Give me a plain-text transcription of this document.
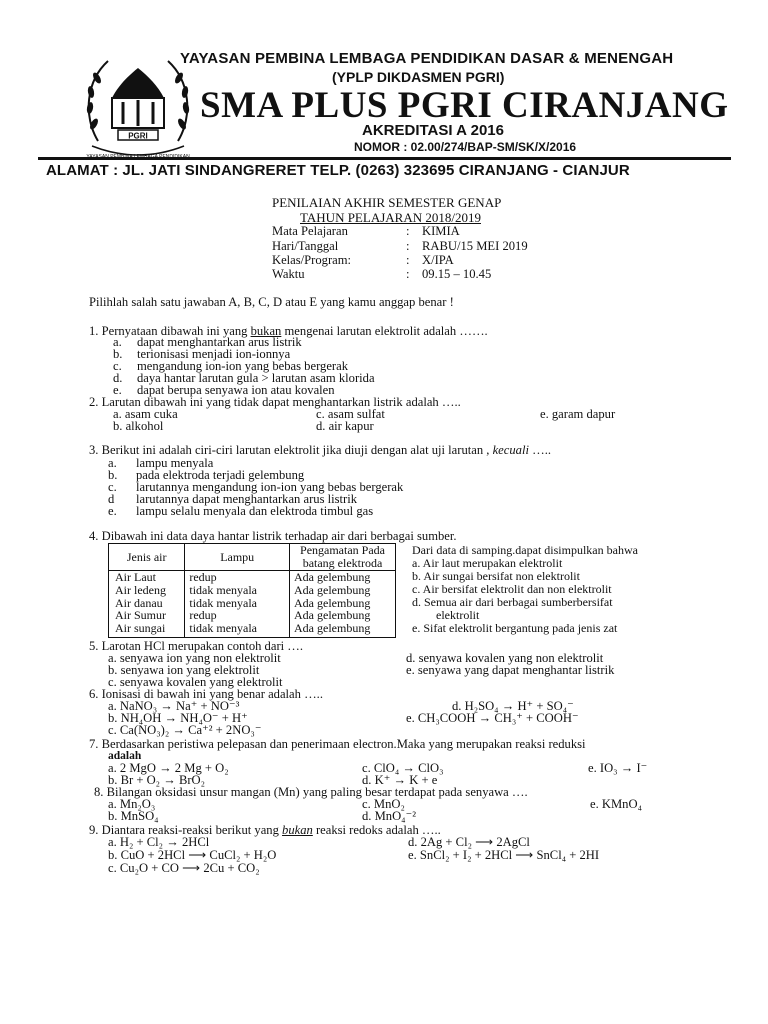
PGRI
YAYASAN PEMBINA LEMBAGA PENDIDIKAN
YAYASAN PEMBINA LEMBAGA PENDIDIKAN DASAR & MENENGAH
(YPLP DIKDASMEN PGRI)
SMA PLUS PGRI CIRANJANG
AKREDITASI A 2016
NOMOR : 02.00/274/BAP-SM/SK/X/2016
ALAMAT : JL. JATI SINDANGRERET TELP. (0263) 323695 CIRANJANG - CIANJUR
PENILAIAN AKHIR SEMESTER GENAP
TAHUN PELAJARAN 2018/2019
Mata Pelajaran	: KIMIA
Hari/Tanggal	: RABU/15 MEI 2019
Kelas/Program:	: X/IPA
Waktu	: 09.15 – 10.45
Pilihlah salah satu jawaban A, B, C, D atau E yang kamu anggap benar !
1. Pernyataan dibawah ini yang bukan mengenai larutan elektrolit adalah …….
a. dapat menghantarkan arus listrik
b. terionisasi menjadi ion-ionnya
c. mengandung ion-ion yang bebas bergerak
d. daya hantar larutan gula > larutan asam klorida
e. dapat berupa senyawa ion atau kovalen
2. Larutan dibawah ini yang tidak dapat menghantarkan listrik adalah …..
a. asam cuka	c. asam sulfat	e. garam dapur
b. alkohol	d. air kapur
3. Berikut ini adalah ciri-ciri larutan elektrolit jika diuji dengan alat uji larutan , kecuali …..
a. lampu menyala
b. pada elektroda terjadi gelembung
c. larutannya mengandung ion-ion yang bebas bergerak
d larutannya dapat menghantarkan arus listrik
e. lampu selalu menyala dan elektroda timbul gas
4. Dibawah ini data daya hantar listrik terhadap air dari berbagai sumber.
Jenis air	Lampu	Pengamatan Pada batang elektroda
Air Laut	redup	Ada gelembung
Air ledeng	tidak menyala	Ada gelembung
Air danau	tidak menyala	Ada gelembung
Air Sumur	redup	Ada gelembung
Air sungai	tidak menyala	Ada gelembung
Dari data di samping.dapat disimpulkan bahwa
a. Air laut merupakan elektrolit
b. Air sungai bersifat non elektrolit
c. Air bersifat elektrolit dan non elektrolit
d. Semua air dari berbagai sumberbersifat
elektrolit
e. Sifat elektrolit bergantung pada jenis zat
5. Larotan HCl merupakan contoh dari ….
a. senyawa ion yang non elektrolit	d. senyawa kovalen yang non elektrolit
b. senyawa ion yang elektrolit	e. senyawa yang dapat menghantar listrik
c. senyawa kovalen yang elektrolit
6. Ionisasi di bawah ini yang benar adalah …..
a. NaNO₃ → Na⁺ + NO⁻³	d. H₂SO₄ → H⁺ + SO₄⁻
b. NH₄OH → NH₄O⁻ + H⁺	e. CH₃COOH → CH₃⁺ + COOH⁻
c. Ca(NO₃)₂ → Ca⁺² + 2NO₃⁻
7. Berdasarkan peristiwa pelepasan dan penerimaan electron.Maka yang merupakan reaksi reduksi
adalah
a. 2 MgO → 2 Mg + O₂	c. ClO₄ → ClO₃	e. IO₃ → I⁻
b. Br + O₂ → BrO₂	d. K⁺ → K + e
8. Bilangan oksidasi unsur mangan (Mn) yang paling besar terdapat pada senyawa ….
a. Mn₂O₃	c. MnO₂	e. KMnO₄
b. MnSO₄	d. MnO₄⁻²
9. Diantara reaksi-reaksi berikut yang bukan reaksi redoks adalah …..
a. H₂ + Cl₂ → 2HCl	d. 2Ag + Cl₂ ⟶ 2AgCl
b. CuO + 2HCl ⟶ CuCl₂ + H₂O	e. SnCl₂ + I₂ + 2HCl ⟶ SnCl₄ + 2HI
c. Cu₂O + CO ⟶ 2Cu + CO₂
